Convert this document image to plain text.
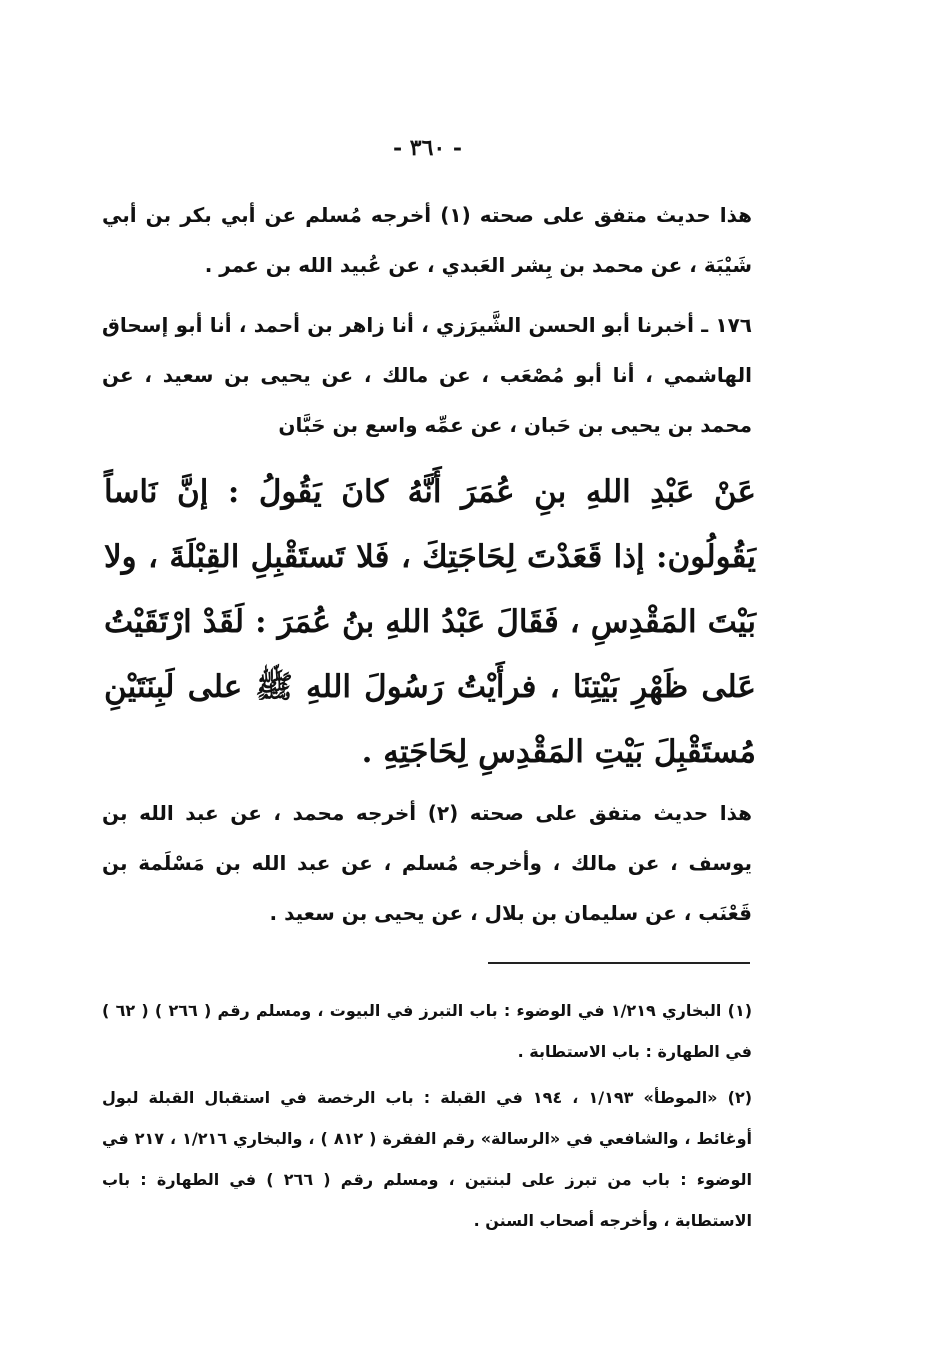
- ٣٦٠ -
هذا حديث متفق على صحته (١) أخرجه مُسلم عن أبي بكر بن أبي شَيْبَة ، عن محمد بن بِشر العَبدي ، عن عُبيد الله بن عمر .
١٧٦ ـ أخبرنا أبو الحسن الشَّيرَزي ، أنا زاهر بن أحمد ، أنا أبو إسحاق الهاشمي ، أنا أبو مُصْعَب ، عن مالك ، عن يحيى بن سعيد ، عن محمد بن يحيى بن حَبان ، عن عمِّه واسع بن حَبَّان
عَنْ عَبْدِ اللهِ بنِ عُمَرَ أَنَّهُ كانَ يَقُولُ : إنَّ نَاساً يَقُولُون: إذا قَعَدْتَ لِحَاجَتِكَ ، فَلا تَستَقْبِلِ القِبْلَةَ ، ولا بَيْتَ المَقْدِسِ ، فَقَالَ عَبْدُ اللهِ بنُ عُمَرَ : لَقَدْ ارْتَقَيْتُ عَلى ظَهْرِ بَيْتِنَا ، فرأَيْتُ رَسُولَ اللهِ ﷺ على لَبِنَتَيْنِ مُستَقْبِلَ بَيْتِ المَقْدِسِ لِحَاجَتِهِ .
هذا حديث متفق على صحته (٢) أخرجه محمد ، عن عبد الله بن يوسف ، عن مالك ، وأخرجه مُسلم ، عن عبد الله بن مَسْلَمة بن قَعْنَب ، عن سليمان بن بلال ، عن يحيى بن سعيد .
(١) البخاري ١/٢١٩ في الوضوء : باب التبرز في البيوت ، ومسلم رقم ( ٢٦٦ ) ( ٦٢ ) في الطهارة : باب الاستطابة .
(٢) «الموطأ» ١/١٩٣ ، ١٩٤ في القبلة : باب الرخصة في استقبال القبلة لبول أوغائط ، والشافعي في «الرسالة» رقم الفقرة ( ٨١٢ ) ، والبخاري ١/٢١٦ ، ٢١٧ في الوضوء : باب من تبرز على لبنتين ، ومسلم رقم ( ٢٦٦ ) في الطهارة : باب الاستطابة ، وأخرجه أصحاب السنن .
